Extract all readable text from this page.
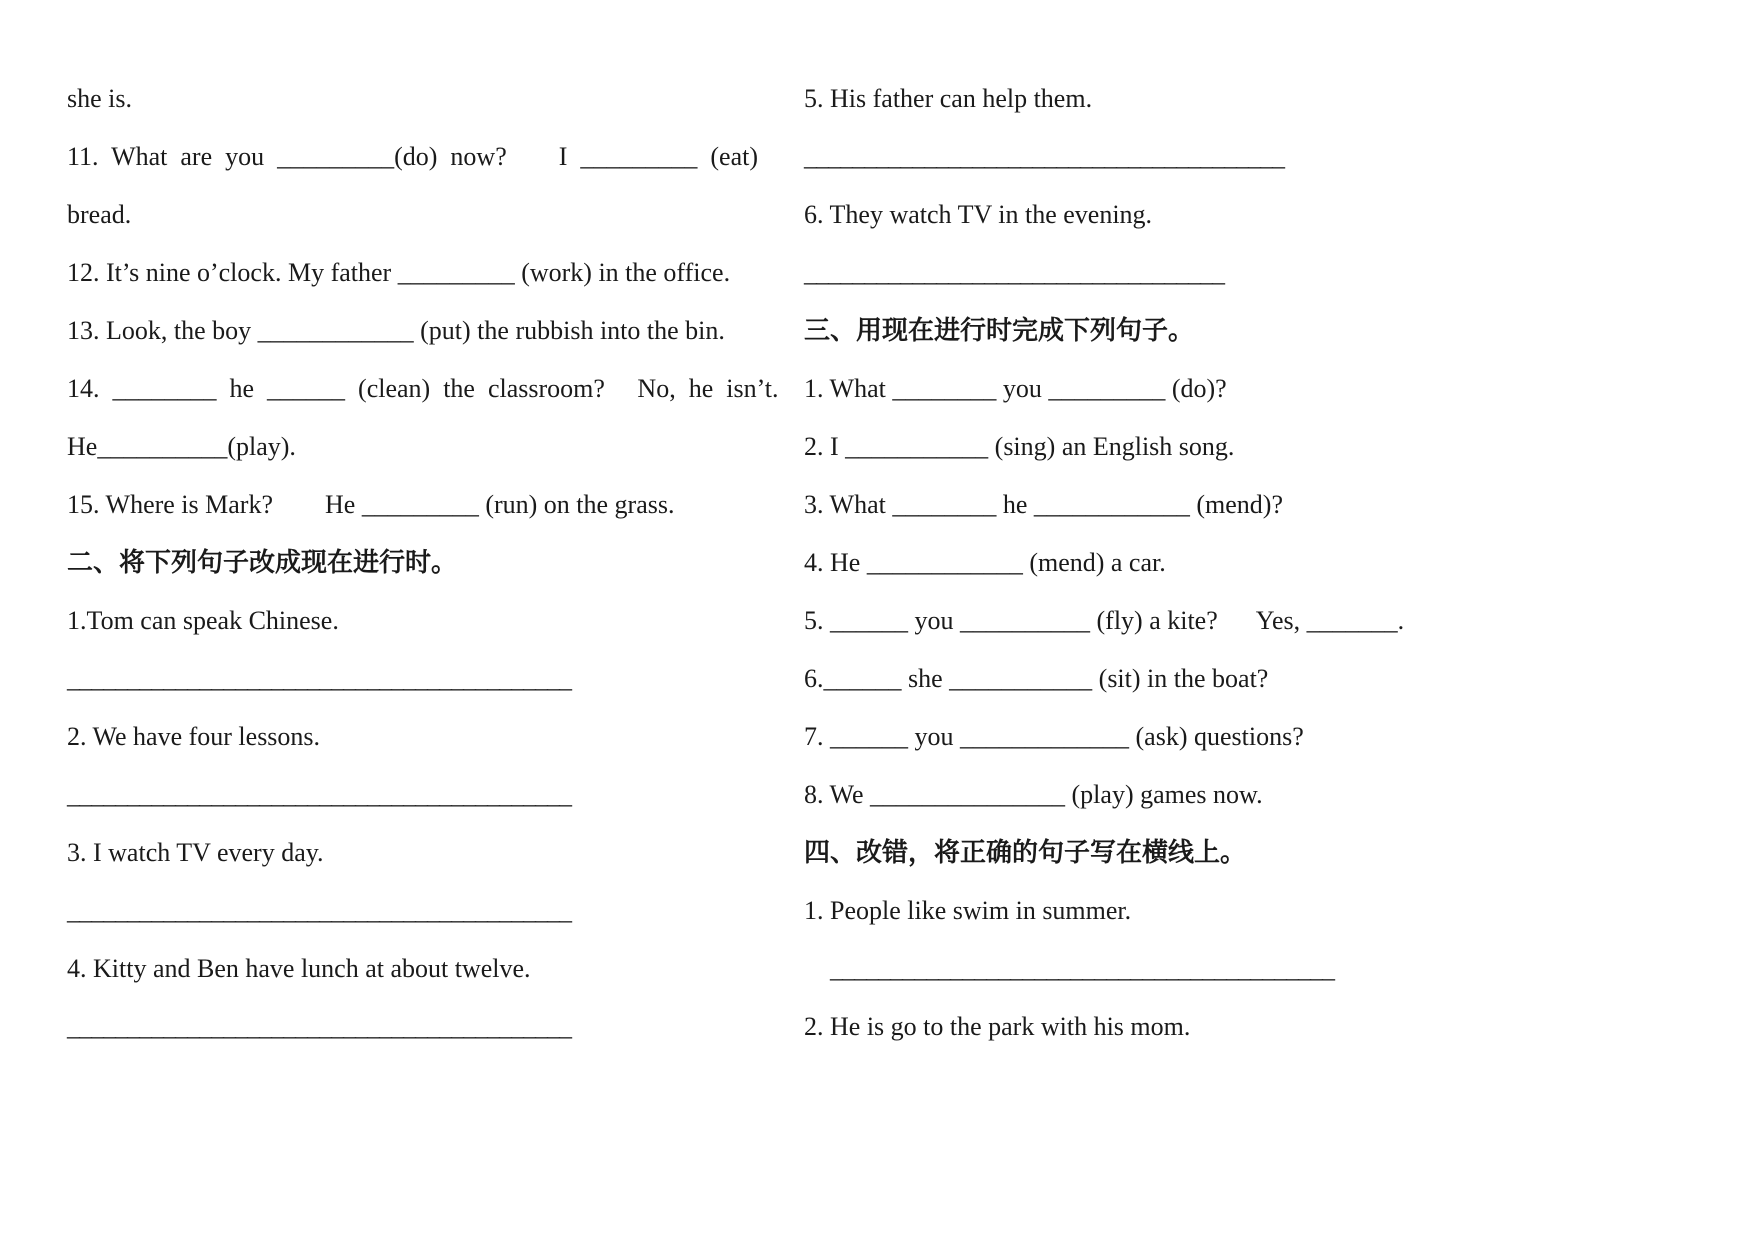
she is.

11.  What  are  you  _________(do)  now?        I  _________  (eat)

bread.

12. It’s nine o’clock. My father _________ (work) in the office.

13. Look, the boy ____________ (put) the rubbish into the bin.

14.  ________  he  ______  (clean)  the  classroom?     No,  he  isn’t.

He__________(play).

15. Where is Mark?        He _________ (run) on the grass.

二、将下列句子改成现在进行时。

1.Tom can speak Chinese.

__________________________________________

2. We have four lessons.

__________________________________________

3. I watch TV every day.

__________________________________________

4. Kitty and Ben have lunch at about twelve.

__________________________________________

5. His father can help them.

________________________________________

6. They watch TV in the evening.

___________________________________

三、用现在进行时完成下列句子。

1. What ________ you _________ (do)?

2. I ___________ (sing) an English song.

3. What ________ he ____________ (mend)?

4. He ____________ (mend) a car.

5. ______ you __________ (fly) a kite?      Yes, _______.

6.______ she ___________ (sit) in the boat?

7. ______ you _____________ (ask) questions?

8. We _______________ (play) games now.

四、改错，将正确的句子写在横线上。

1. People like swim in summer.

__________________________________________

2. He is go to the park with his mom.
